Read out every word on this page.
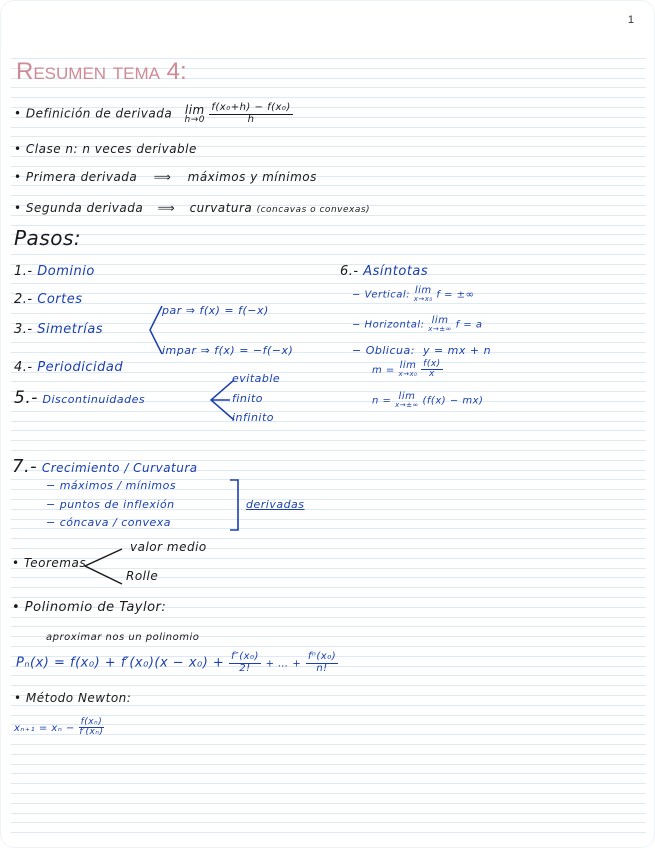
1
Resumen tema 4:
• Definición de derivada lim
h→0
$\frac{\text{f(x₀+h) − f(x₀)}}{h}$
• Clase n: n veces derivable
• Primera derivada ⟹ máximos y mínimos
• Segunda derivada ⟹ curvatura (concavas o convexas)
Pasos:
1.- Dominio
2.- Cortes
3.- Simetrías
par ⇒ f(x) = f(−x)
impar ⇒ f(x) = −f(−x)
4.- Periodicidad
5.- Discontinuidades
evitable
finito
infinito
6.- Asíntotas
− Vertical: lim
x→x₀ f = ±∞
− Horizontal: lim
x→±∞ f = a
− Oblicua: y = mx + n
m = lim
x→x₀
$\frac{f(x)}{x}$
n = lim
x→±∞ (f(x) − mx)
7.- Crecimiento / Curvatura
− máximos / mínimos
− puntos de inflexión
− cóncava / convexa
derivadas
• Teoremas
valor medio
Rolle
• Polinomio de Taylor:
aproximar nos un polinomio
$P_n(x) = f(x_0) + f'(x_0)(x - x_0) + \frac{\text{f″(x₀)}}{2!}$ + … + $\frac{\text{fⁿ(x₀)}}{n!}$
• Método Newton:
$x_{n+1} = x_n - \frac{\text{f(xₙ)}}{\text{f′(xₙ)}}$
